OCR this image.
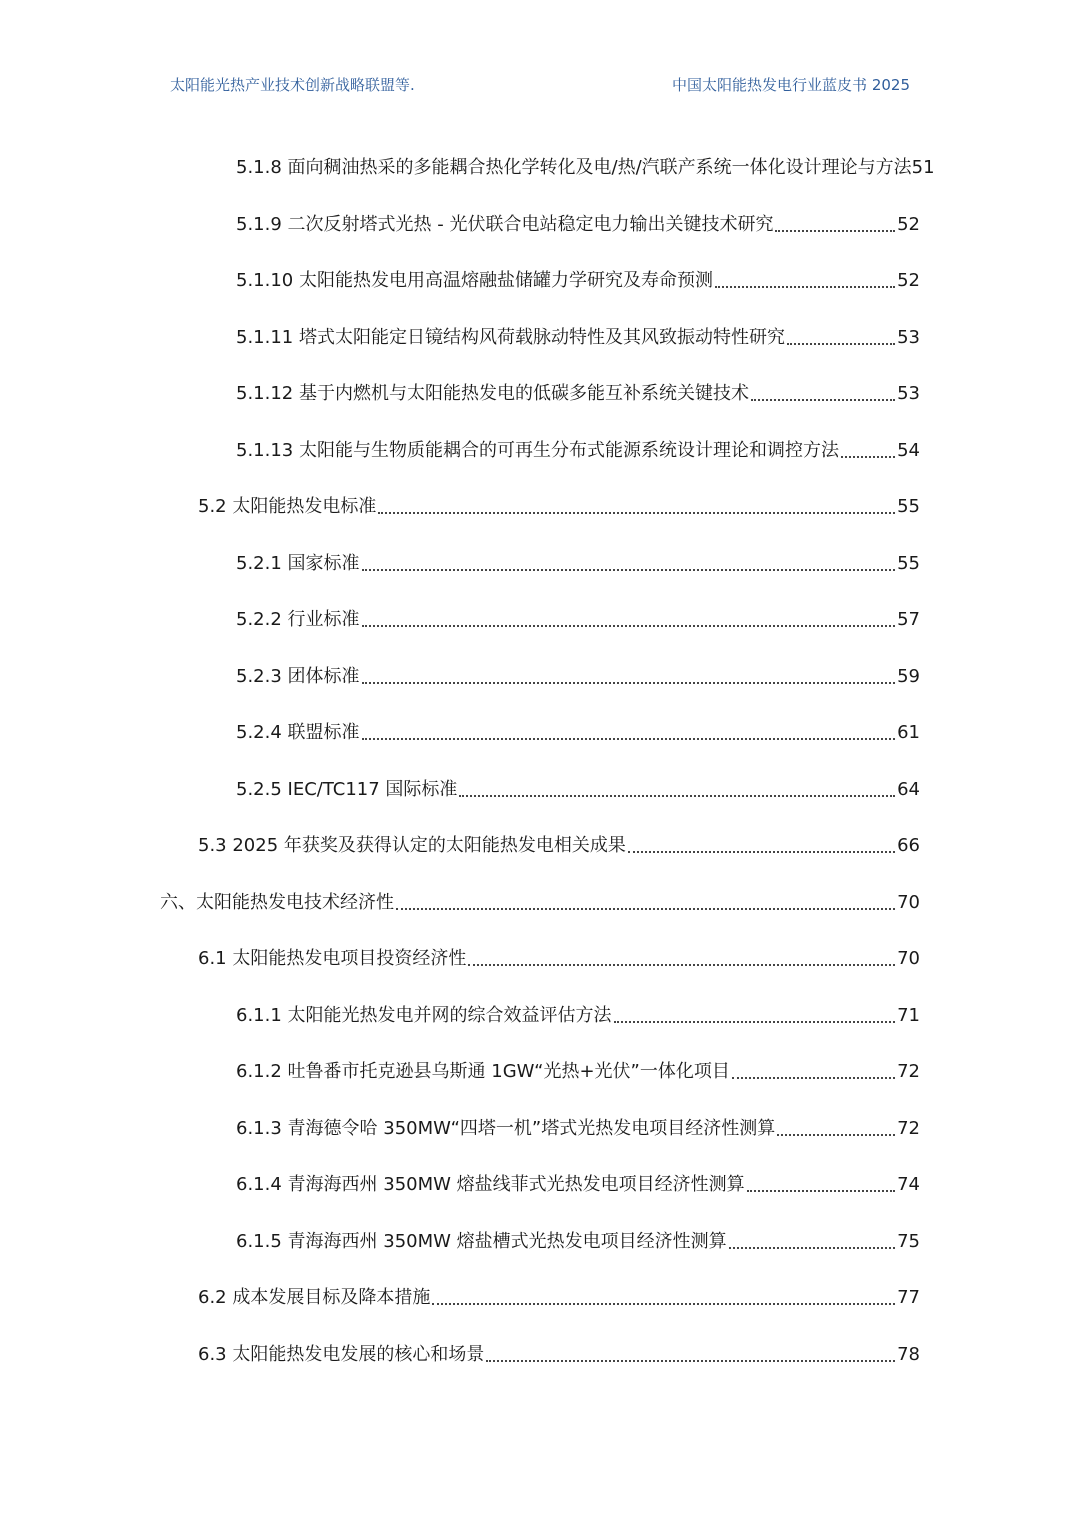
太阳能光热产业技术创新战略联盟等.	中国太阳能热发电行业蓝皮书 2025
5.1.8 面向稠油热采的多能耦合热化学转化及电/热/汽联产系统一体化设计理论与方法 51
5.1.9 二次反射塔式光热 - 光伏联合电站稳定电力输出关键技术研究	52
5.1.10 太阳能热发电用高温熔融盐储罐力学研究及寿命预测	52
5.1.11 塔式太阳能定日镜结构风荷载脉动特性及其风致振动特性研究	53
5.1.12 基于内燃机与太阳能热发电的低碳多能互补系统关键技术	53
5.1.13 太阳能与生物质能耦合的可再生分布式能源系统设计理论和调控方法	54
5.2 太阳能热发电标准	55
5.2.1 国家标准	55
5.2.2 行业标准	57
5.2.3 团体标准	59
5.2.4 联盟标准	61
5.2.5 IEC/TC117 国际标准	64
5.3 2025 年获奖及获得认定的太阳能热发电相关成果	66
六、太阳能热发电技术经济性	70
6.1 太阳能热发电项目投资经济性	70
6.1.1 太阳能光热发电并网的综合效益评估方法	71
6.1.2 吐鲁番市托克逊县乌斯通 1GW“光热+光伏”一体化项目	72
6.1.3 青海德令哈 350MW“四塔一机”塔式光热发电项目经济性测算	72
6.1.4 青海海西州 350MW 熔盐线菲式光热发电项目经济性测算	74
6.1.5 青海海西州 350MW 熔盐槽式光热发电项目经济性测算	75
6.2 成本发展目标及降本措施	77
6.3 太阳能热发电发展的核心和场景	78
